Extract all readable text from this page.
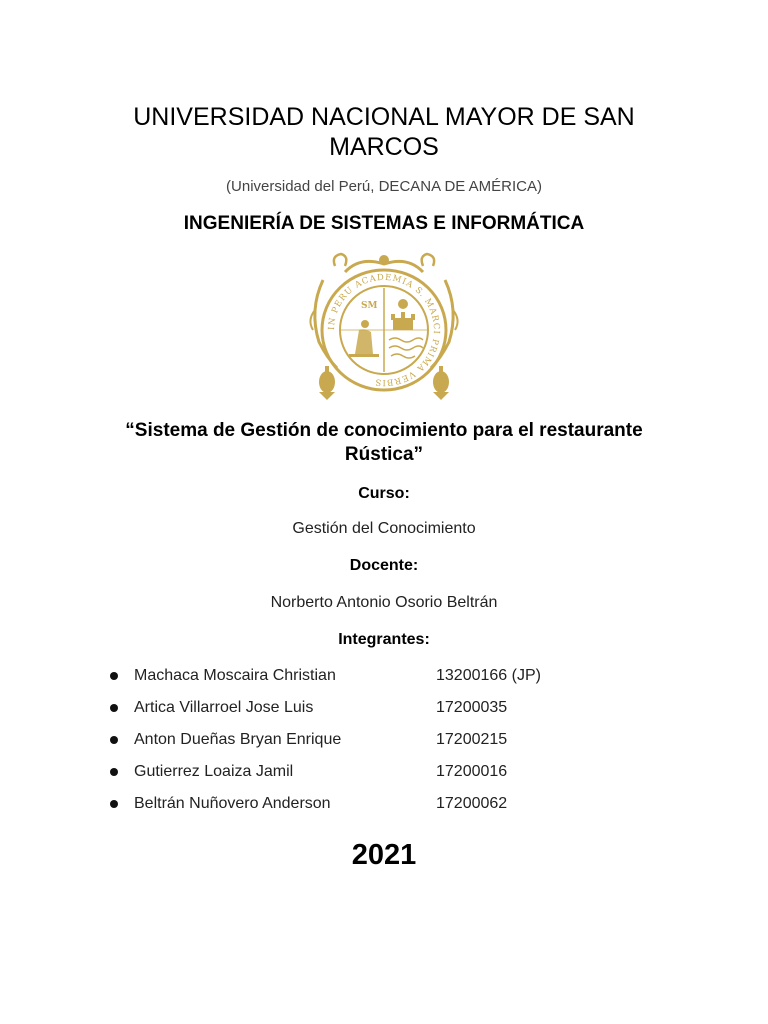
UNIVERSIDAD NACIONAL MAYOR DE SAN
MARCOS
(Universidad del Perú, DECANA DE AMÉRICA)
INGENIERÍA DE SISTEMAS E INFORMÁTICA
SM
IN PERU ACADEMIA S. MARCI PRIMA VERBIS
“Sistema de Gestión de conocimiento para el restaurante
Rústica”
Curso:
Gestión del Conocimiento
Docente:
Norberto Antonio Osorio Beltrán
Integrantes:
Machaca Moscaira Christian	13200166 (JP)
Artica Villarroel Jose Luis	17200035
Anton Dueñas Bryan Enrique	17200215
Gutierrez Loaiza Jamil	17200016
Beltrán Nuñovero Anderson	17200062
2021
